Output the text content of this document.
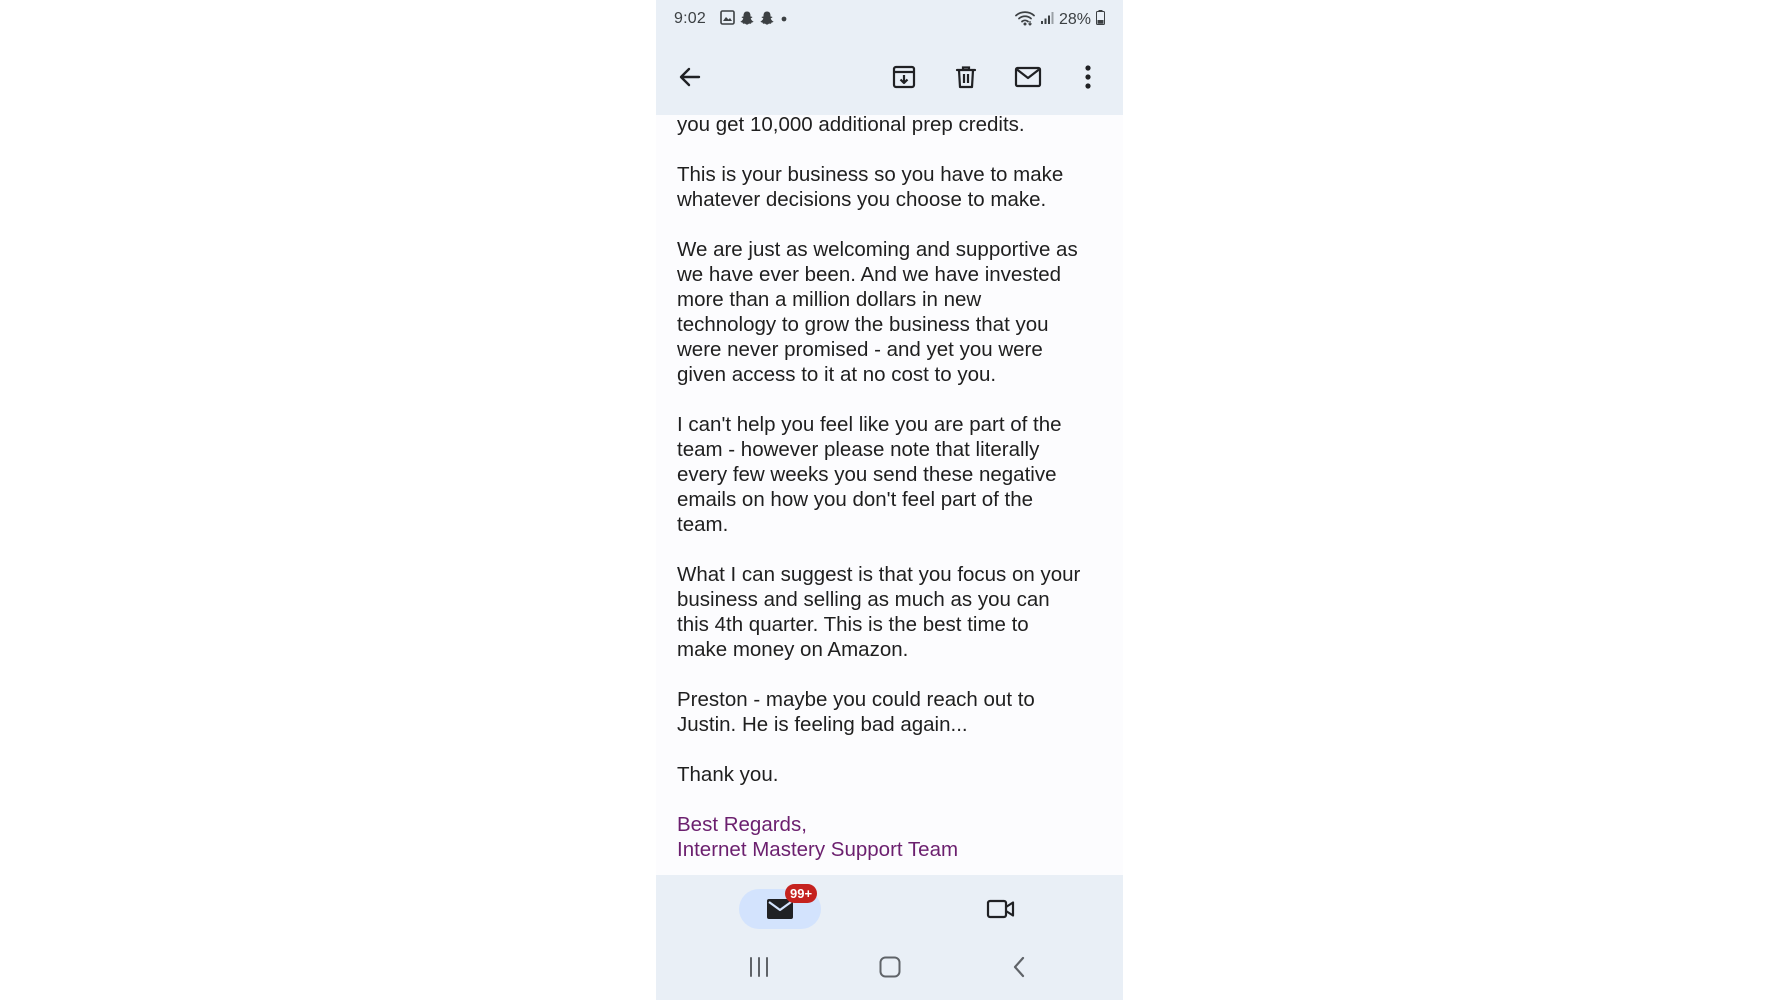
9:02	28%

you get 10,000 additional prep credits.

This is your business so you have to make
whatever decisions you choose to make.

We are just as welcoming and supportive as
we have ever been. And we have invested
more than a million dollars in new
technology to grow the business that you
were never promised - and yet you were
given access to it at no cost to you.

I can't help you feel like you are part of the
team - however please note that literally
every few weeks you send these negative
emails on how you don't feel part of the
team.

What I can suggest is that you focus on your
business and selling as much as you can
this 4th quarter. This is the best time to
make money on Amazon.

Preston - maybe you could reach out to
Justin. He is feeling bad again...

Thank you.

Best Regards,
Internet Mastery Support Team
99+
